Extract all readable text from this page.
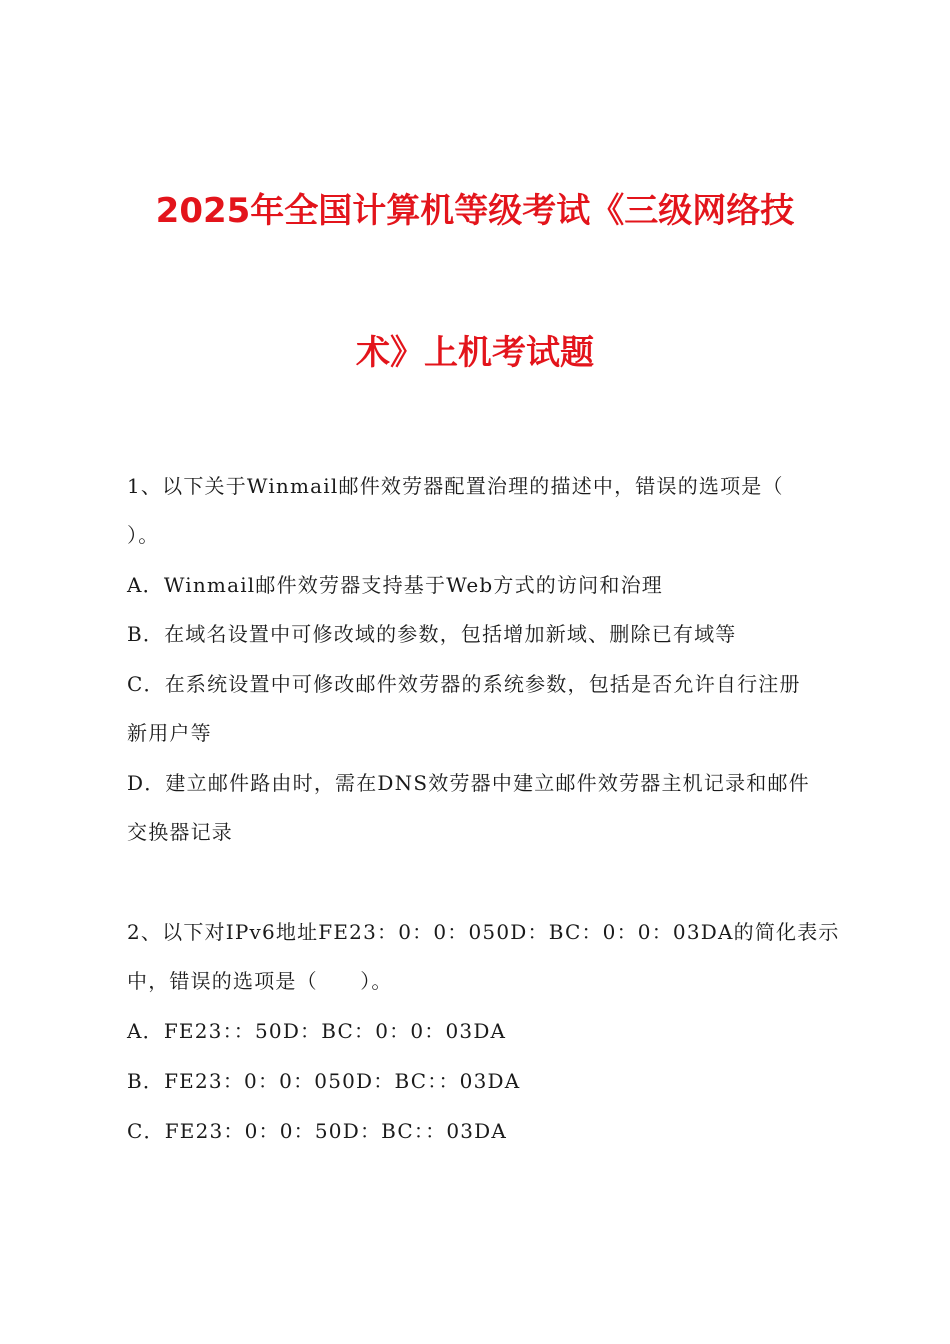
2025年全国计算机等级考试《三级网络技
术》上机考试题
1、以下关于Winmail邮件效劳器配置治理的描述中，错误的选项是（
）。
A．Winmail邮件效劳器支持基于Web方式的访问和治理
B．在域名设置中可修改域的参数，包括增加新域、删除已有域等
C．在系统设置中可修改邮件效劳器的系统参数，包括是否允许自行注册
新用户等
D．建立邮件路由时，需在DNS效劳器中建立邮件效劳器主机记录和邮件
交换器记录
2、以下对IPv6地址FE23：0：0：050D：BC：0：0：03DA的简化表示
中，错误的选项是（　　）。
A．FE23：：50D：BC：0：0：03DA
B．FE23：0：0：050D：BC：：03DA
C．FE23：0：0：50D：BC：：03DA
